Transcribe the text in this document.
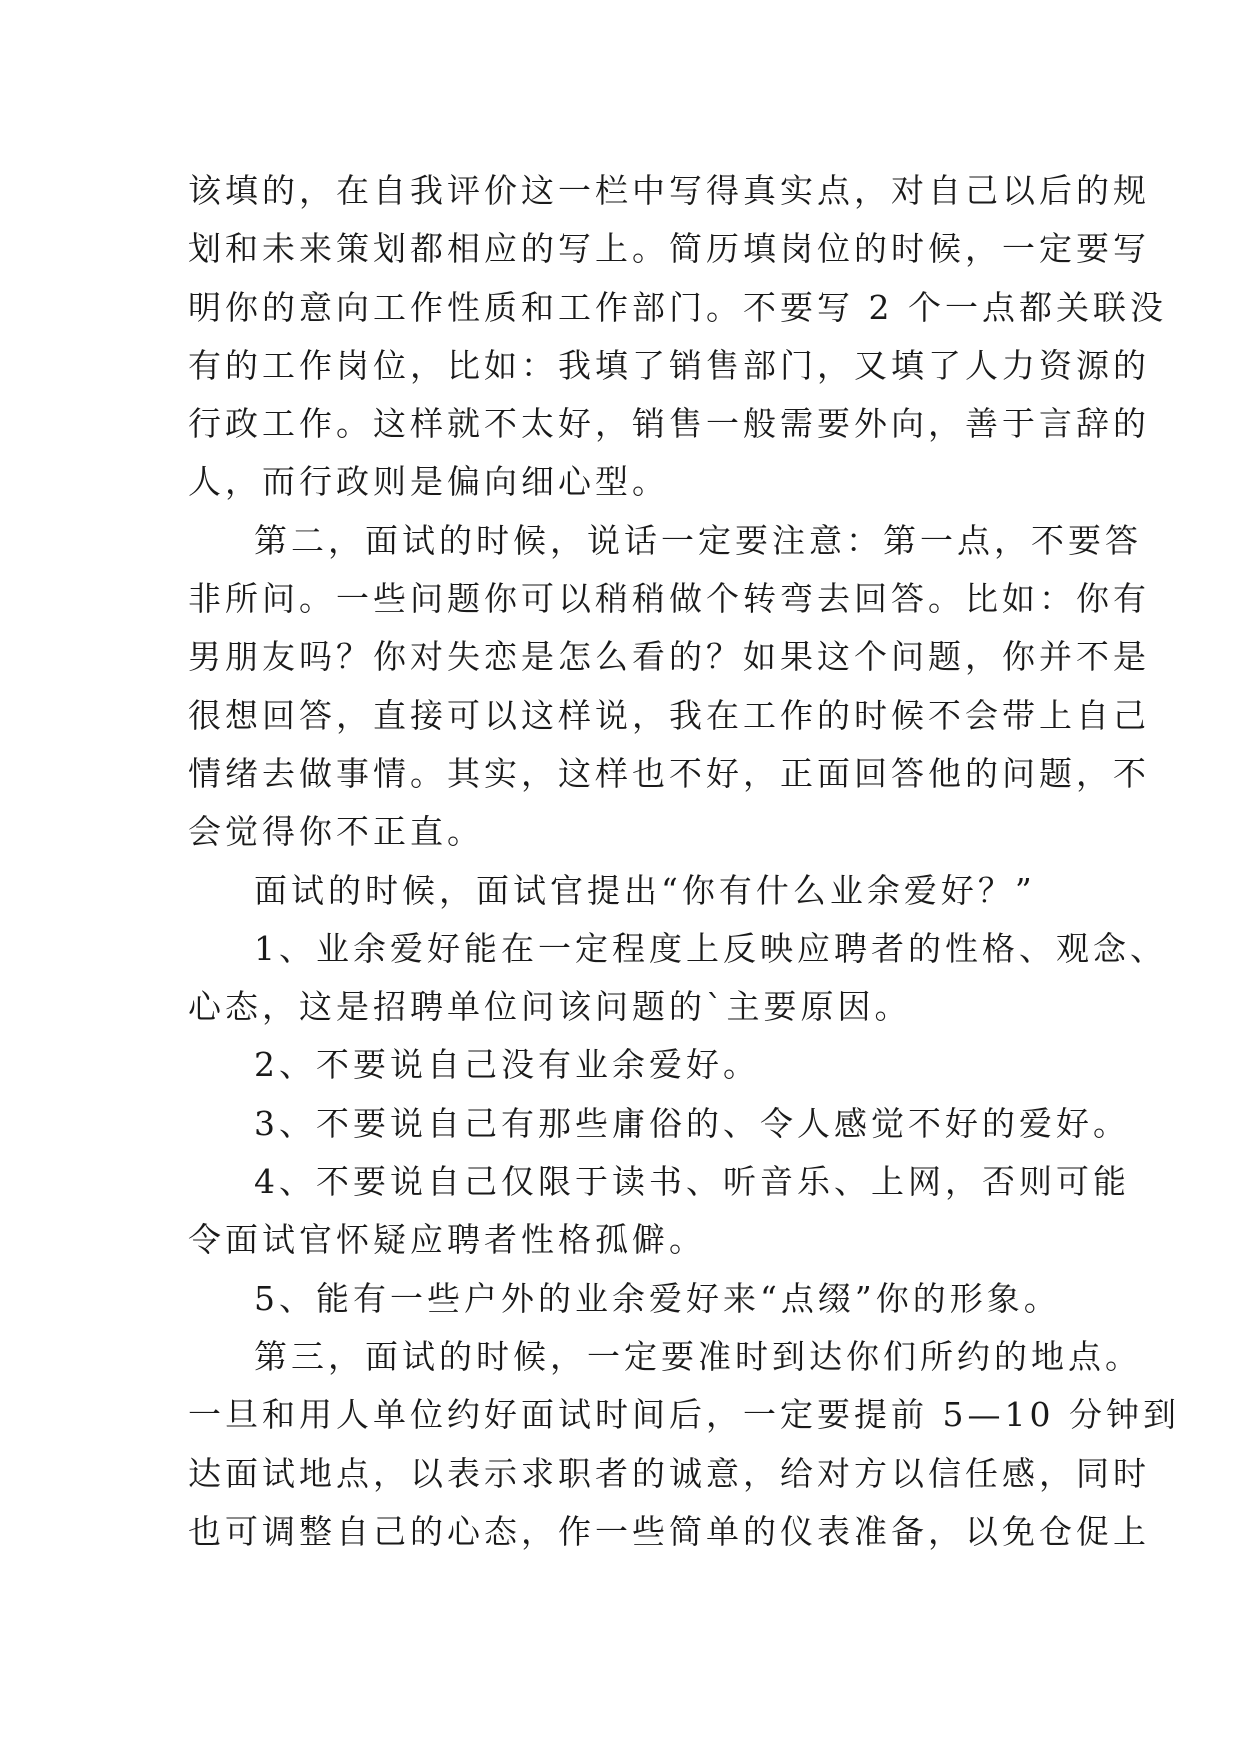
该填的，在自我评价这一栏中写得真实点，对自己以后的规
划和未来策划都相应的写上。简历填岗位的时候，一定要写
明你的意向工作性质和工作部门。不要写 2 个一点都关联没
有的工作岗位，比如：我填了销售部门，又填了人力资源的
行政工作。这样就不太好，销售一般需要外向，善于言辞的
人，而行政则是偏向细心型。
第二，面试的时候，说话一定要注意：第一点，不要答
非所问。一些问题你可以稍稍做个转弯去回答。比如：你有
男朋友吗？你对失恋是怎么看的？如果这个问题，你并不是
很想回答，直接可以这样说，我在工作的时候不会带上自己
情绪去做事情。其实，这样也不好，正面回答他的问题，不
会觉得你不正直。
面试的时候，面试官提出“你有什么业余爱好？”
1、业余爱好能在一定程度上反映应聘者的性格、观念、
心态，这是招聘单位问该问题的`主要原因。
2、不要说自己没有业余爱好。
3、不要说自己有那些庸俗的、令人感觉不好的爱好。
4、不要说自己仅限于读书、听音乐、上网，否则可能
令面试官怀疑应聘者性格孤僻。
5、能有一些户外的业余爱好来“点缀”你的形象。
第三，面试的时候，一定要准时到达你们所约的地点。
一旦和用人单位约好面试时间后，一定要提前 5—10 分钟到
达面试地点，以表示求职者的诚意，给对方以信任感，同时
也可调整自己的心态，作一些简单的仪表准备，以免仓促上
